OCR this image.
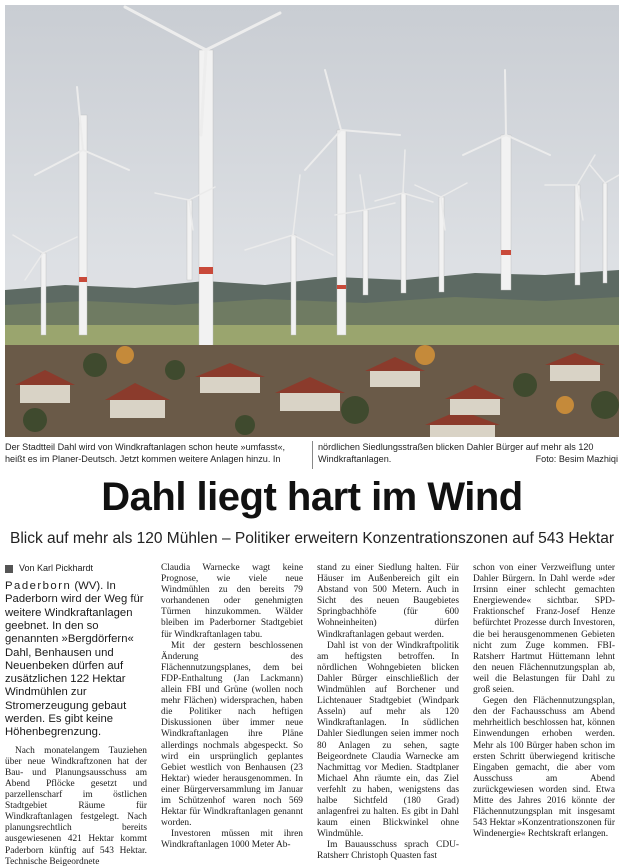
Der Stadtteil Dahl wird von Windkraftanlagen schon heute »umfasst«, heißt es im Planer-Deutsch. Jetzt kommen weitere Anlagen hinzu. In
nördlichen Siedlungsstraßen blicken Dahler Bürger auf mehr als 120 Windkraftanlagen.	Foto: Besim Mazhiqi
Dahl liegt hart im Wind
Blick auf mehr als 120 Mühlen – Politiker erweitern Konzentrationszonen auf 543 Hektar
Von Karl Pickhardt
Paderborn (WV). In Paderborn wird der Weg für weitere Windkraftanlagen geebnet. In den so genannten »Bergdörfern« Dahl, Benhausen und Neuenbeken dürfen auf zusätzlichen 122 Hektar Windmühlen zur Stromerzeugung gebaut werden. Es gibt keine Höhenbegrenzung.

Nach monatelangem Tauziehen über neue Windkraftzonen hat der Bau- und Planungsausschuss am Abend Pflöcke gesetzt und parzellenscharf im östlichen Stadtgebiet Räume für Windkraftanlagen festgelegt. Nach planungsrechtlich bereits ausgewiesenen 421 Hektar kommt Paderborn künftig auf 543 Hektar. Technische Beigeordnete

Claudia Warnecke wagt keine Prognose, wie viele neue Windmühlen zu den bereits 79 vorhandenen oder genehmigten Türmen hinzukommen. Wälder bleiben im Paderborner Stadtgebiet für Windkraftanlagen tabu.

Mit der gestern beschlossenen Änderung des Flächennutzungsplanes, dem bei FDP-Enthaltung (Jan Lackmann) allein FBI und Grüne (wollen noch mehr Flächen) widersprachen, haben die Politiker nach heftigen Diskussionen über immer neue Windkraftanlagen ihre Pläne allerdings nochmals abgespeckt. So wird ein ursprünglich geplantes Gebiet westlich von Benhausen (23 Hektar) wieder herausgenommen. In einer Bürgerversammlung im Januar im Schützenhof waren noch 569 Hektar für Windkraftanlagen genannt worden.

Investoren müssen mit ihren Windkraftanlagen 1000 Meter Ab-

stand zu einer Siedlung halten. Für Häuser im Außenbereich gilt ein Abstand von 500 Metern. Auch in Sicht des neuen Baugebietes Springbachhöfe (für 600 Wohneinheiten) dürfen Windkraftanlagen gebaut werden.

Dahl ist von der Windkraftpolitik am heftigsten betroffen. In nördlichen Wohngebieten blicken Dahler Bürger einschließlich der Windmühlen auf Borchener und Lichtenauer Stadtgebiet (Windpark Asseln) auf mehr als 120 Windkraftanlagen. In südlichen Dahler Siedlungen seien immer noch 80 Anlagen zu sehen, sagte Beigeordnete Claudia Warnecke am Nachmittag vor Medien. Stadtplaner Michael Ahn räumte ein, das Ziel verfehlt zu haben, wenigstens das halbe Sichtfeld (180 Grad) anlagenfrei zu halten. Es gibt in Dahl kaum einen Blickwinkel ohne Windmühle.

Im Bauausschuss sprach CDU-Ratsherr Christoph Quasten fast

schon von einer Verzweiflung unter Dahler Bürgern. In Dahl werde »der Irrsinn einer schlecht gemachten Energiewende« sichtbar. SPD-Fraktionschef Franz-Josef Henze befürchtet Prozesse durch Investoren, die bei herausgenommenen Gebieten nicht zum Zuge kommen. FBI-Ratsherr Hartmut Hüttemann lehnt den neuen Flächennutzungsplan ab, weil die Belastungen für Dahl zu groß seien.

Gegen den Flächennutzungsplan, den der Fachausschuss am Abend mehrheitlich beschlossen hat, können Einwendungen erhoben werden. Mehr als 100 Bürger haben schon im ersten Schritt überwiegend kritische Eingaben gemacht, die aber vom Ausschuss am Abend zurückgewiesen worden sind. Etwa Mitte des Jahres 2016 könnte der Flächennutzungsplan mit insgesamt 543 Hektar »Konzentrationszonen für Windenergie« Rechtskraft erlangen.
